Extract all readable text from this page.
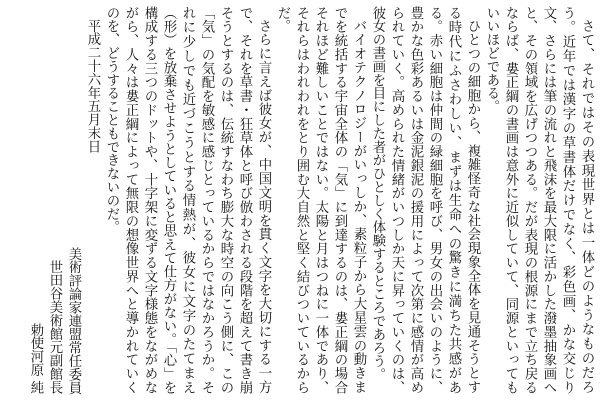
さて、それではその表現世界とは一体どのようなものだろう。近年では漢字の草書体だけでなく、彩色画、かな交じり文、さらには筆の流れと飛沫を最大限に活かした潑墨抽象画へと、その領域を広げつつある。だが表現の根源にまで立ち戻るならば、婁正綱の書画は意外に近似していて、同源といってもいいほどである。

ひとつの細胞から、複雑怪奇な社会現象全体を見通そうとする時代にふさわしい、まずは生命への驚きに満ちた共感がある。赤い細胞は仲間の緑細胞を呼び、男女の出会いのように、豊かな色彩あるいは金泥銀泥の援用によって次第に感情が高められていく。高められた情緒がいつしか天に昇っていくのは、彼女の書画を目にした者がひとしく体験するところであろう。

バイオテクノロジーがいっしか、素粒子から大星雲の動きまでを統括する宇宙全体の「気」に到達するのは、婁正綱の場合それほど難しいことではない。太陽と月はつねに一体であり、それらはわれわれをとり囲む大自然と堅く結びついているからだ。

さらに言えば彼女が、中国文明を貫く文字を大切にする一方で、それを草書・狂草体と呼び倣わされる段階を超えて書き崩そうとするのは、伝統すなわち膨大な時空の向こう側に、この「気」の気配を敏感に感じとっているからではなかろうか。それに少しでも近づこうとする情熱が、彼女に文字のたてまえ（形）を放棄させようとしていると思えて仕方がない。「心」を構成する三つのドットや、十字架に変ずる文字様態をながめながら、人々は婁正綱によって無限の想像世界へと導かれていくのを、どうすることもできないのだ。

平成二十六年五月末日

美術評論家連盟常任委員
世田谷美術館元副館長
勅使河原 純
